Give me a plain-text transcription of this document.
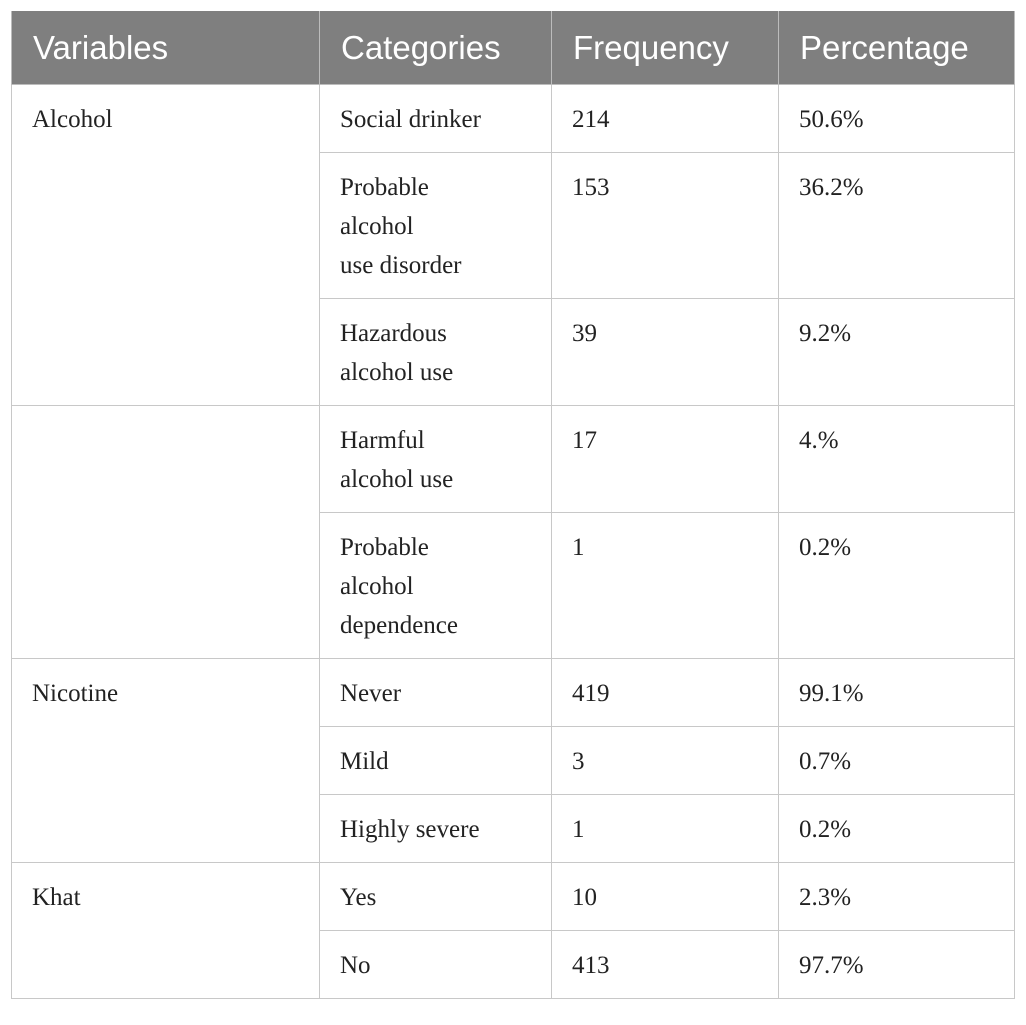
Variables	Categories	Frequency	Percentage
Alcohol	Social drinker	214	50.6%
	Probable
alcohol
use disorder	153	36.2%
	Hazardous
alcohol use	39	9.2%
	Harmful
alcohol use	17	4.%
	Probable
alcohol
dependence	1	0.2%
Nicotine	Never	419	99.1%
	Mild	3	0.7%
	Highly severe	1	0.2%
Khat	Yes	10	2.3%
	No	413	97.7%
